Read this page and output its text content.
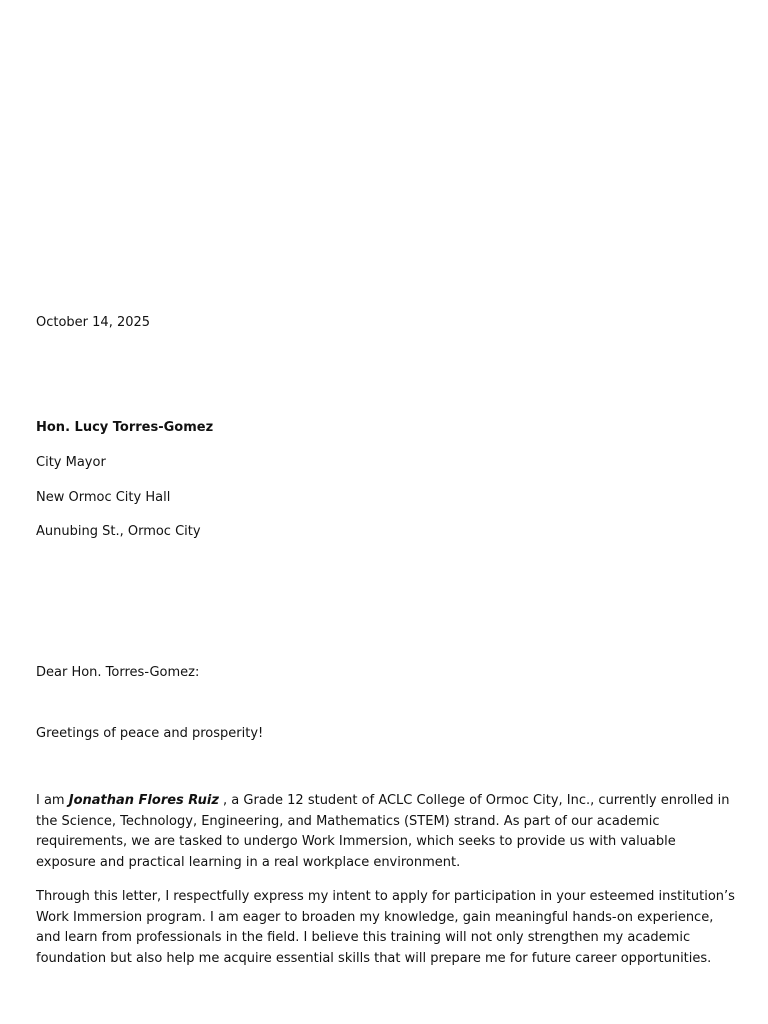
October 14, 2025
Hon. Lucy Torres-Gomez
City Mayor
New Ormoc City Hall
Aunubing St., Ormoc City
Dear Hon. Torres-Gomez:
Greetings of peace and prosperity!
I am Jonathan Flores Ruiz , a Grade 12 student of ACLC College of Ormoc City, Inc., currently enrolled in the Science, Technology, Engineering, and Mathematics (STEM) strand. As part of our academic requirements, we are tasked to undergo Work Immersion, which seeks to provide us with valuable exposure and practical learning in a real workplace environment.
Through this letter, I respectfully express my intent to apply for participation in your esteemed institution’s Work Immersion program. I am eager to broaden my knowledge, gain meaningful hands-on experience, and learn from professionals in the field. I believe this training will not only strengthen my academic foundation but also help me acquire essential skills that will prepare me for future career opportunities.
